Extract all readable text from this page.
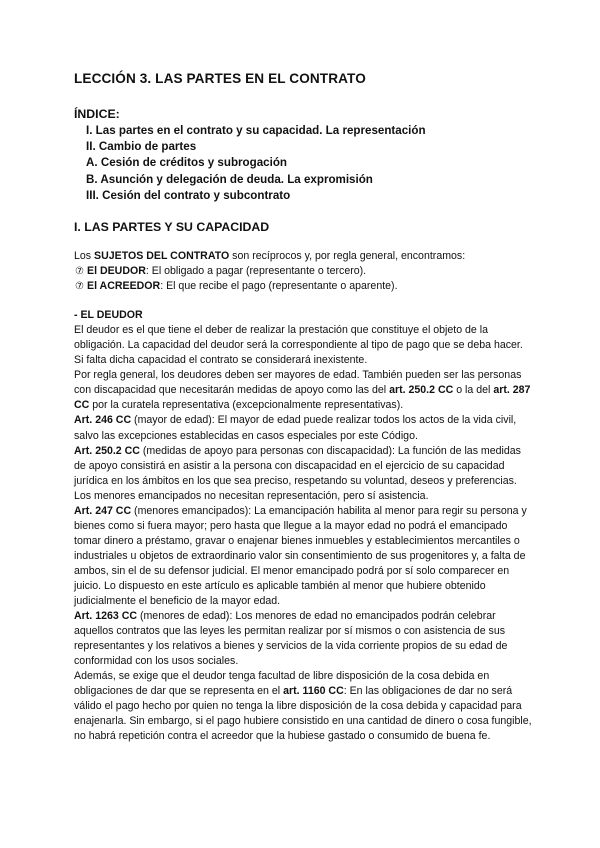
LECCIÓN 3. LAS PARTES EN EL CONTRATO
ÍNDICE:
I. Las partes en el contrato y su capacidad. La representación
II. Cambio de partes
A. Cesión de créditos y subrogación
B. Asunción y delegación de deuda. La expromisión
III. Cesión del contrato y subcontrato
I. LAS PARTES Y SU CAPACIDAD

Los SUJETOS DEL CONTRATO son recíprocos y, por regla general, encontramos:

⑦ El DEUDOR: El obligado a pagar (representante o tercero).

⑦ El ACREEDOR: El que recibe el pago (representante o aparente).

- EL DEUDOR

El deudor es el que tiene el deber de realizar la prestación que constituye el objeto de la obligación. La capacidad del deudor será la correspondiente al tipo de pago que se deba hacer. Si falta dicha capacidad el contrato se considerará inexistente.

Por regla general, los deudores deben ser mayores de edad. También pueden ser las personas con discapacidad que necesitarán medidas de apoyo como las del art. 250.2 CC o la del art. 287 CC por la curatela representativa (excepcionalmente representativas).

Art. 246 CC (mayor de edad): El mayor de edad puede realizar todos los actos de la vida civil, salvo las excepciones establecidas en casos especiales por este Código.

Art. 250.2 CC (medidas de apoyo para personas con discapacidad): La función de las medidas de apoyo consistirá en asistir a la persona con discapacidad en el ejercicio de su capacidad jurídica en los ámbitos en los que sea preciso, respetando su voluntad, deseos y preferencias.

Los menores emancipados no necesitan representación, pero sí asistencia.

Art. 247 CC (menores emancipados): La emancipación habilita al menor para regir su persona y bienes como si fuera mayor; pero hasta que llegue a la mayor edad no podrá el emancipado tomar dinero a préstamo, gravar o enajenar bienes inmuebles y establecimientos mercantiles o industriales u objetos de extraordinario valor sin consentimiento de sus progenitores y, a falta de ambos, sin el de su defensor judicial. El menor emancipado podrá por sí solo comparecer en juicio. Lo dispuesto en este artículo es aplicable también al menor que hubiere obtenido judicialmente el beneficio de la mayor edad.

Art. 1263 CC (menores de edad): Los menores de edad no emancipados podrán celebrar aquellos contratos que las leyes les permitan realizar por sí mismos o con asistencia de sus representantes y los relativos a bienes y servicios de la vida corriente propios de su edad de conformidad con los usos sociales.

Además, se exige que el deudor tenga facultad de libre disposición de la cosa debida en obligaciones de dar que se representa en el art. 1160 CC: En las obligaciones de dar no será válido el pago hecho por quien no tenga la libre disposición de la cosa debida y capacidad para enajenarla. Sin embargo, si el pago hubiere consistido en una cantidad de dinero o cosa fungible, no habrá repetición contra el acreedor que la hubiese gastado o consumido de buena fe.
